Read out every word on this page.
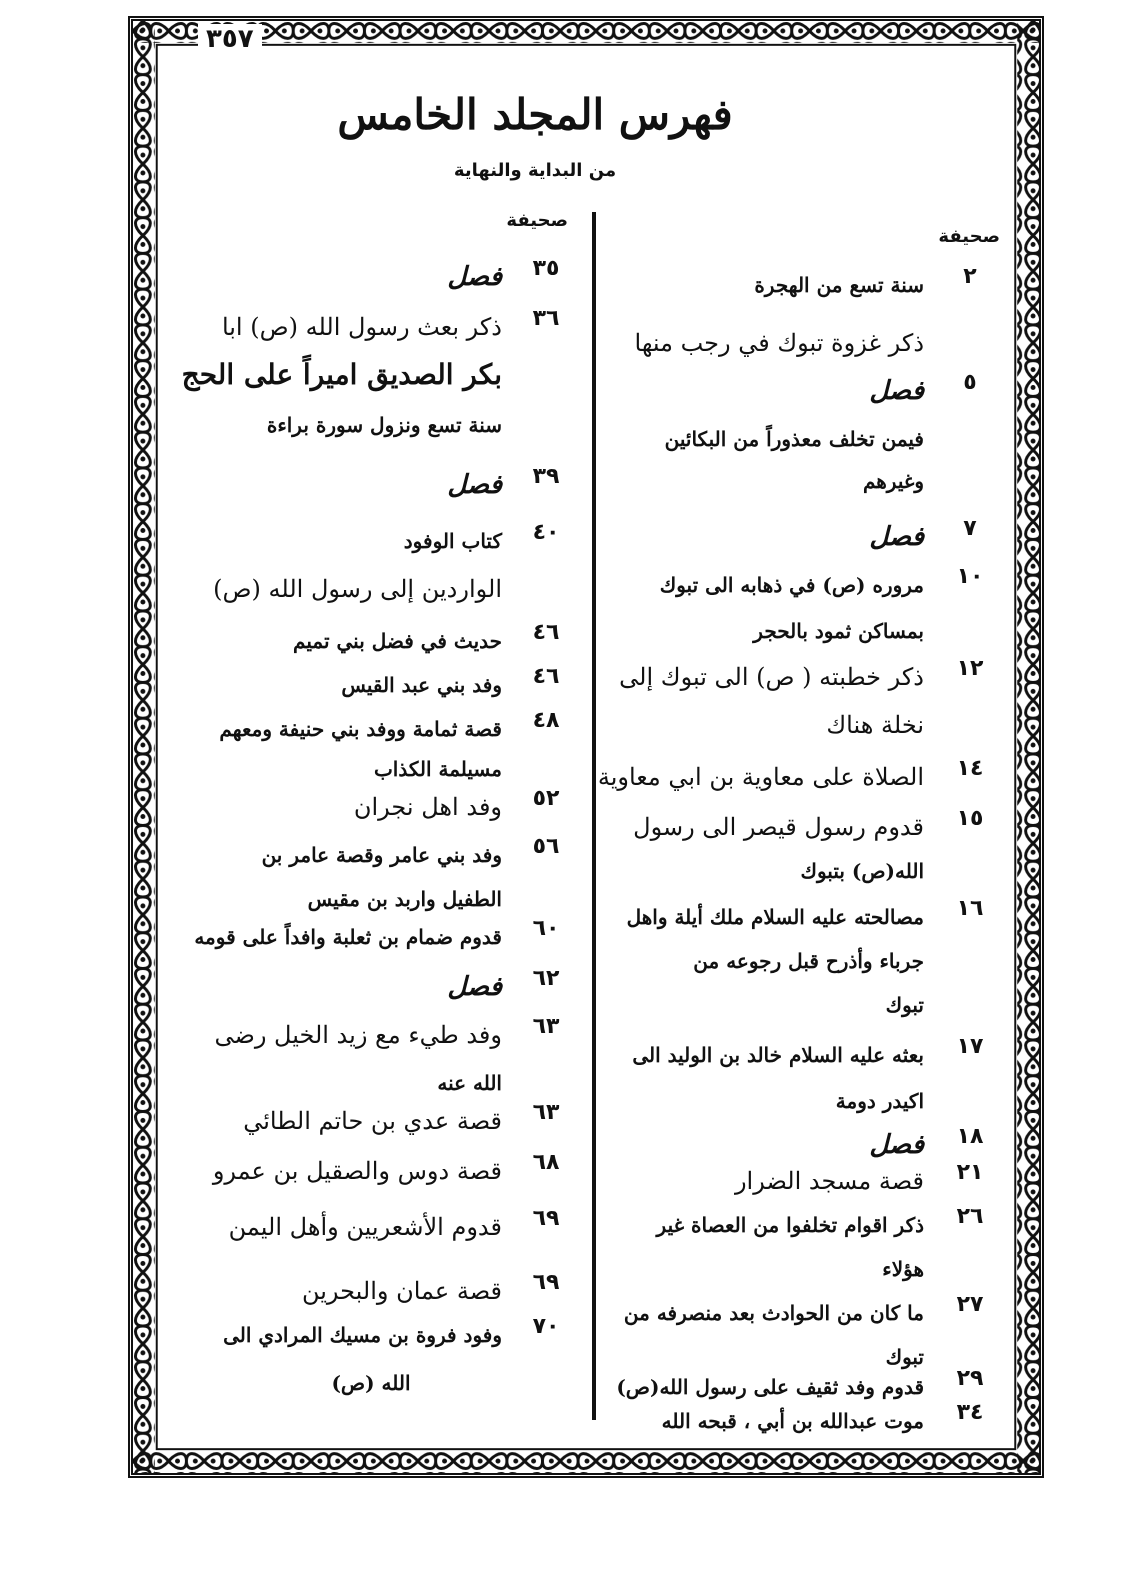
٣٥٧
فهرس المجلد الخامس
من البداية والنهاية
صحيفة
٢
سنة تسع من الهجرة
ذكر غزوة تبوك في رجب منها
٥
فصل
فيمن تخلف معذوراً من البكائين
وغيرهم
٧
فصل
١٠
مروره (ص) في ذهابه الى تبوك
بمساكن ثمود بالحجر
١٢
ذكر خطبته ( ص) الى تبوك إلى
نخلة هناك
١٤
الصلاة على معاوية بن ابي معاوية
١٥
قدوم رسول قيصر الى رسول
الله(ص) بتبوك
١٦
مصالحته عليه السلام ملك أيلة واهل
جرباء وأذرح قبل رجوعه من
تبوك
١٧
بعثه عليه السلام خالد بن الوليد الى
اكيدر دومة
١٨
فصل
٢١
قصة مسجد الضرار
٢٦
ذكر اقوام تخلفوا من العصاة غير
هؤلاء
٢٧
ما كان من الحوادث بعد منصرفه من
تبوك
٢٩
قدوم وفد ثقيف على رسول الله(ص)
٣٤
موت عبدالله بن أبي ، قبحه الله
صحيفة
٣٥
فصل
٣٦
ذكر بعث رسول الله (ص) ابا
بكر الصديق اميراً على الحج
سنة تسع ونزول سورة براءة
٣٩
فصل
٤٠
كتاب الوفود
الواردين إلى رسول الله (ص)
٤٦
حديث في فضل بني تميم
٤٦
وفد بني عبد القيس
٤٨
قصة ثمامة ووفد بني حنيفة ومعهم
مسيلمة الكذاب
٥٢
وفد اهل نجران
٥٦
وفد بني عامر وقصة عامر بن
الطفيل واربد بن مقيس
٦٠
قدوم ضمام بن ثعلبة وافداً على قومه
٦٢
فصل
٦٣
وفد طيء مع زيد الخيل رضى
الله عنه
٦٣
قصة عدي بن حاتم الطائي
٦٨
قصة دوس والصقيل بن عمرو
٦٩
قدوم الأشعريين وأهل اليمن
٦٩
قصة عمان والبحرين
٧٠
وفود فروة بن مسيك المرادي الى
الله (ص)
